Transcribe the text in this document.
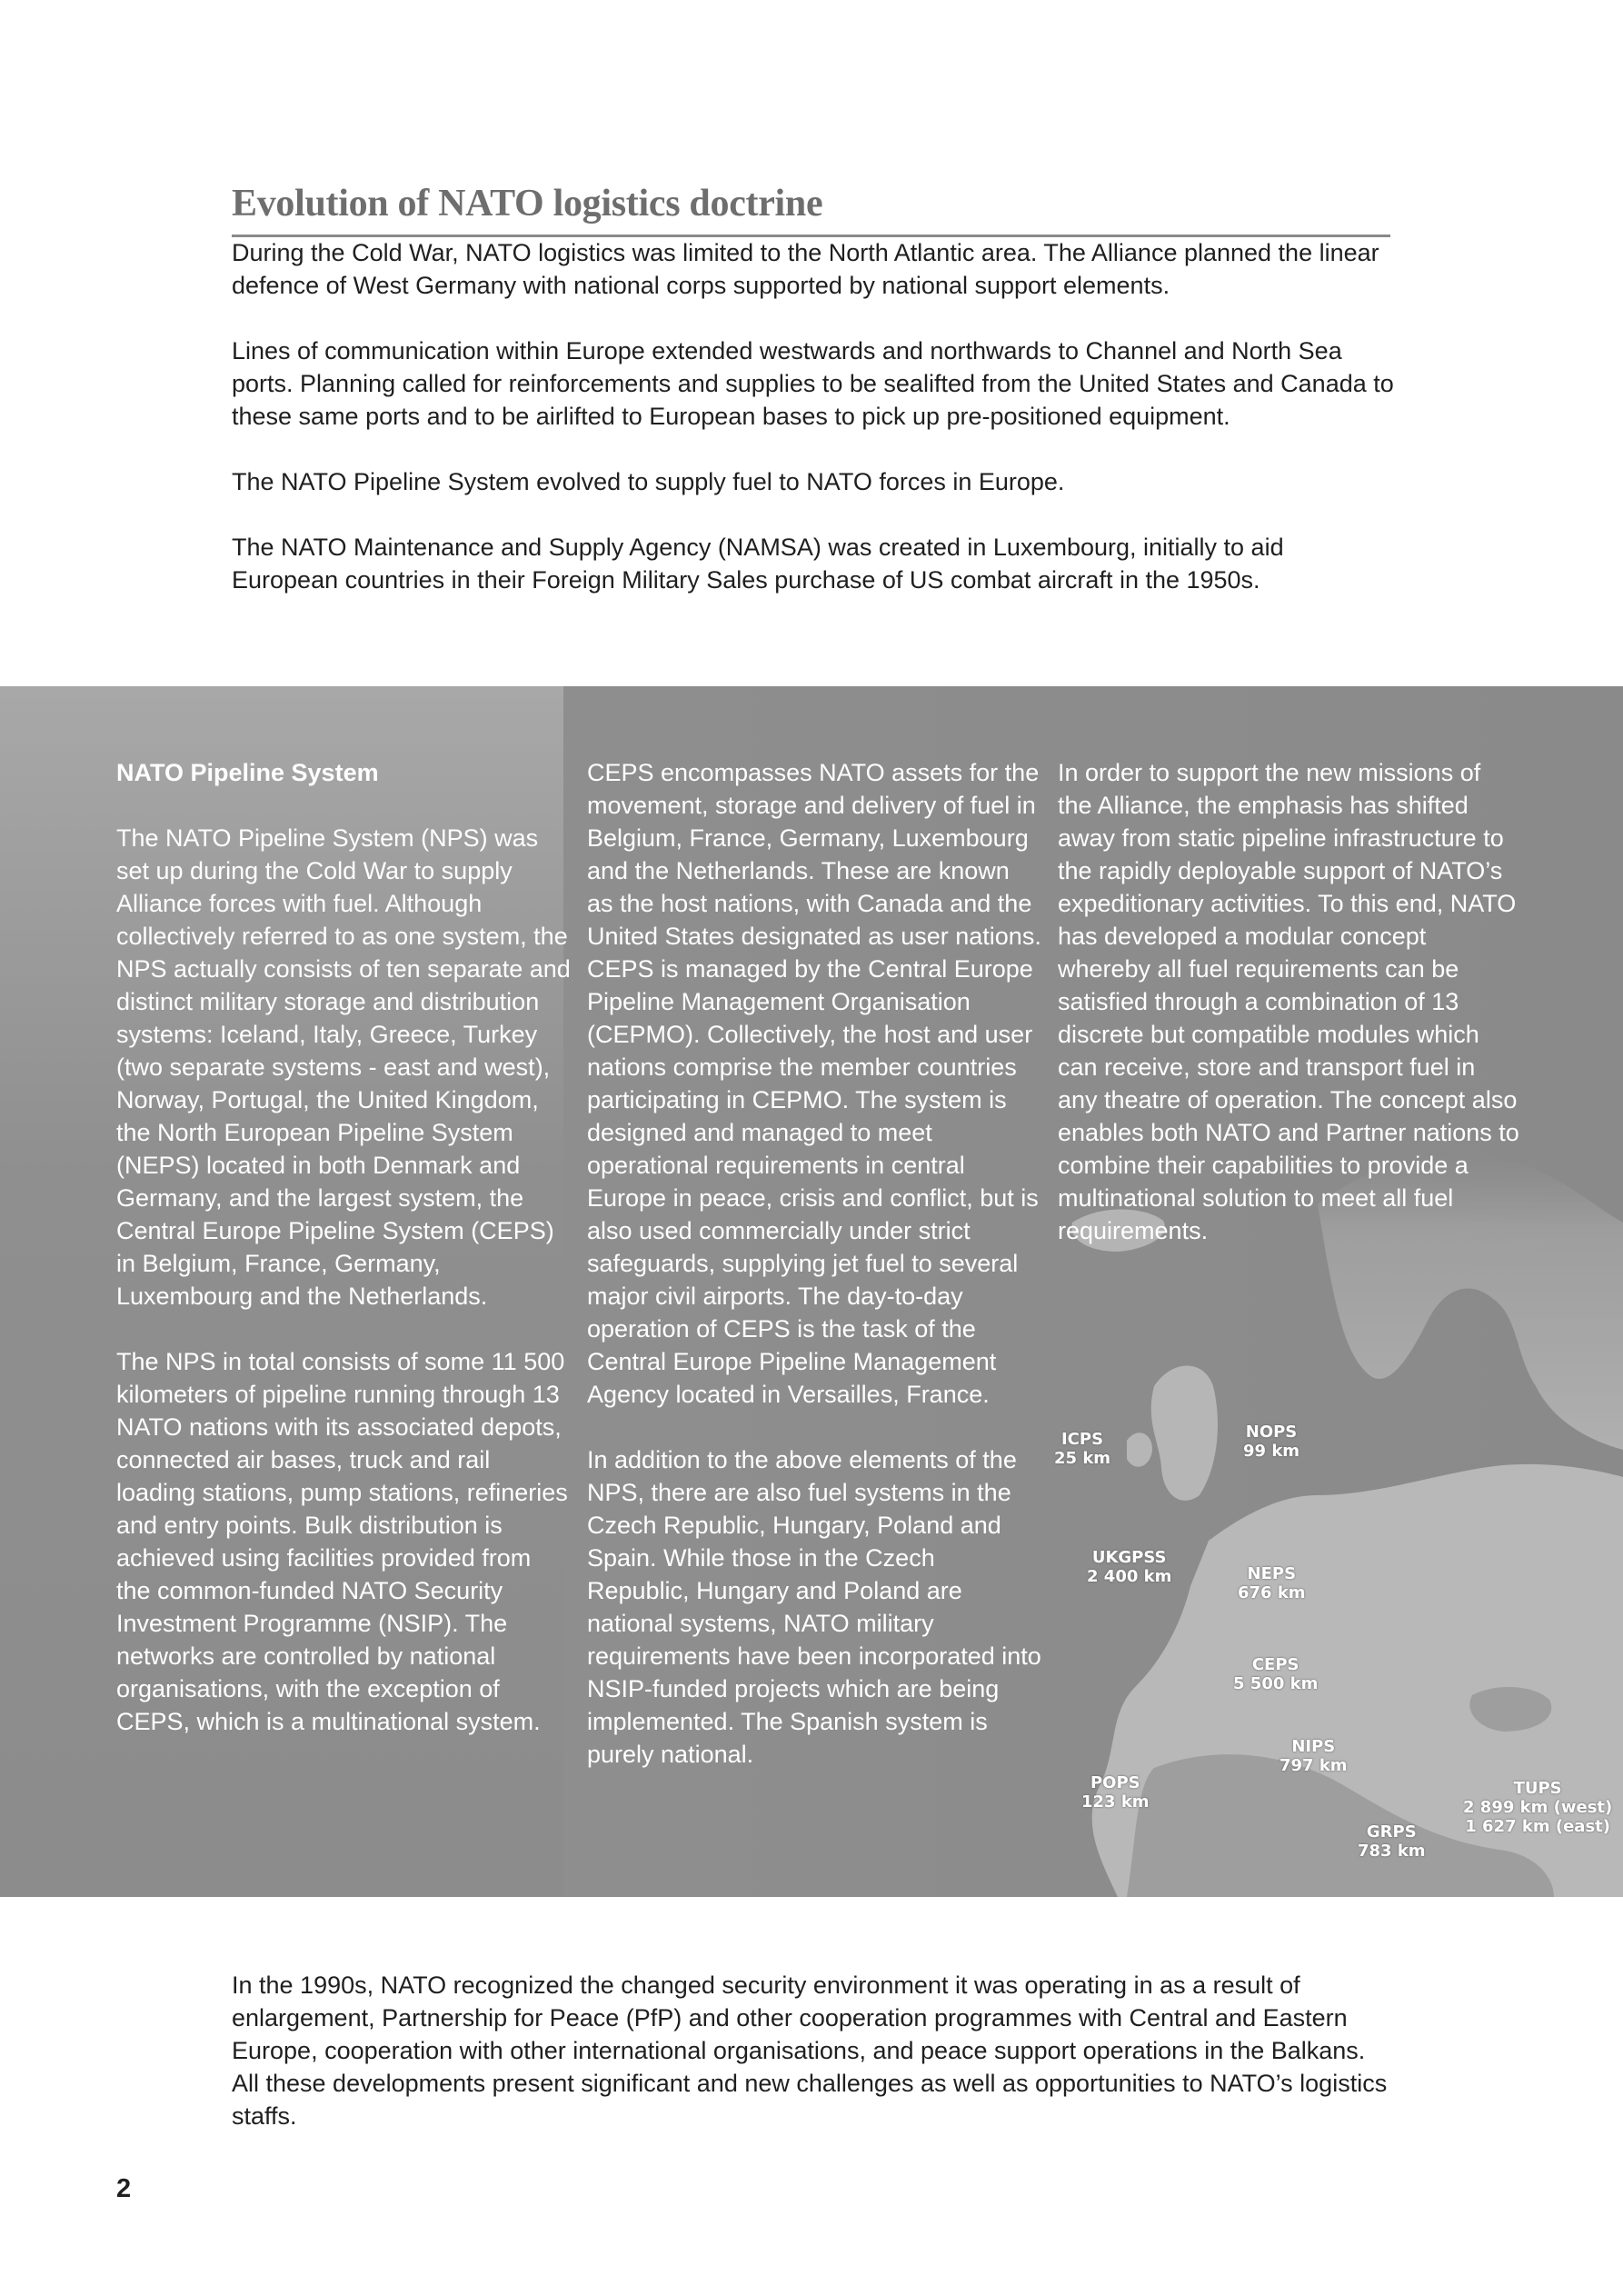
Evolution of NATO logistics doctrine

During the Cold War, NATO logistics was limited to the North Atlantic area. The Alliance planned the linear defence of West Germany with national corps supported by national support elements.

Lines of communication within Europe extended westwards and northwards to Channel and North Sea ports. Planning called for reinforcements and supplies to be sealifted from the United States and Canada to these same ports and to be airlifted to European bases to pick up pre-positioned equipment.

The NATO Pipeline System evolved to supply fuel to NATO forces in Europe.

The NATO Maintenance and Supply Agency (NAMSA) was created in Luxembourg, initially to aid European countries in their Foreign Military Sales purchase of US combat aircraft in the 1950s.

NATO Pipeline System

The NATO Pipeline System (NPS) was set up during the Cold War to supply Alliance forces with fuel. Although collectively referred to as one system, the NPS actually consists of ten separate and distinct military storage and distribution systems: Iceland, Italy, Greece, Turkey (two separate systems - east and west), Norway, Portugal, the United Kingdom, the North European Pipeline System (NEPS) located in both Denmark and Germany, and the largest system, the Central Europe Pipeline System (CEPS) in Belgium, France, Germany, Luxembourg and the Netherlands.

The NPS in total consists of some 11 500 kilometers of pipeline running through 13 NATO nations with its associated depots, connected air bases, truck and rail loading stations, pump stations, refineries and entry points. Bulk distribution is achieved using facilities provided from the common-funded NATO Security Investment Programme (NSIP). The networks are controlled by national organisations, with the exception of CEPS, which is a multinational system.

CEPS encompasses NATO assets for the movement, storage and delivery of fuel in Belgium, France, Germany, Luxembourg and the Netherlands. These are known as the host nations, with Canada and the United States designated as user nations. CEPS is managed by the Central Europe Pipeline Management Organisation (CEPMO). Collectively, the host and user nations comprise the member countries participating in CEPMO. The system is designed and managed to meet operational requirements in central Europe in peace, crisis and conflict, but is also used commercially under strict safeguards, supplying jet fuel to several major civil airports. The day-to-day operation of CEPS is the task of the Central Europe Pipeline Management Agency located in Versailles, France.

In addition to the above elements of the NPS, there are also fuel systems in the Czech Republic, Hungary, Poland and Spain. While those in the Czech Republic, Hungary and Poland are national systems, NATO military requirements have been incorporated into NSIP-funded projects which are being implemented. The Spanish system is purely national.

In order to support the new missions of the Alliance, the emphasis has shifted away from static pipeline infrastructure to the rapidly deployable support of NATO’s expeditionary activities. To this end, NATO has developed a modular concept whereby all fuel requirements can be satisfied through a combination of 13 discrete but compatible modules which can receive, store and transport fuel in any theatre of operation. The concept also enables both NATO and Partner nations to combine their capabilities to provide a multinational solution to meet all fuel requirements.

ICPS
25 km
NOPS
99 km
UKGPSS
2 400 km	NEPS
676 km
CEPS
5 500 km
NIPS
797 km
POPS
123 km
GRPS
783 km
TUPS
2 899 km (west)
1 627 km (east)

In the 1990s, NATO recognized the changed security environment it was operating in as a result of enlargement, Partnership for Peace (PfP) and other cooperation programmes with Central and Eastern Europe, cooperation with other international organisations, and peace support operations in the Balkans. All these developments present significant and new challenges as well as opportunities to NATO’s logistics staffs.

2
